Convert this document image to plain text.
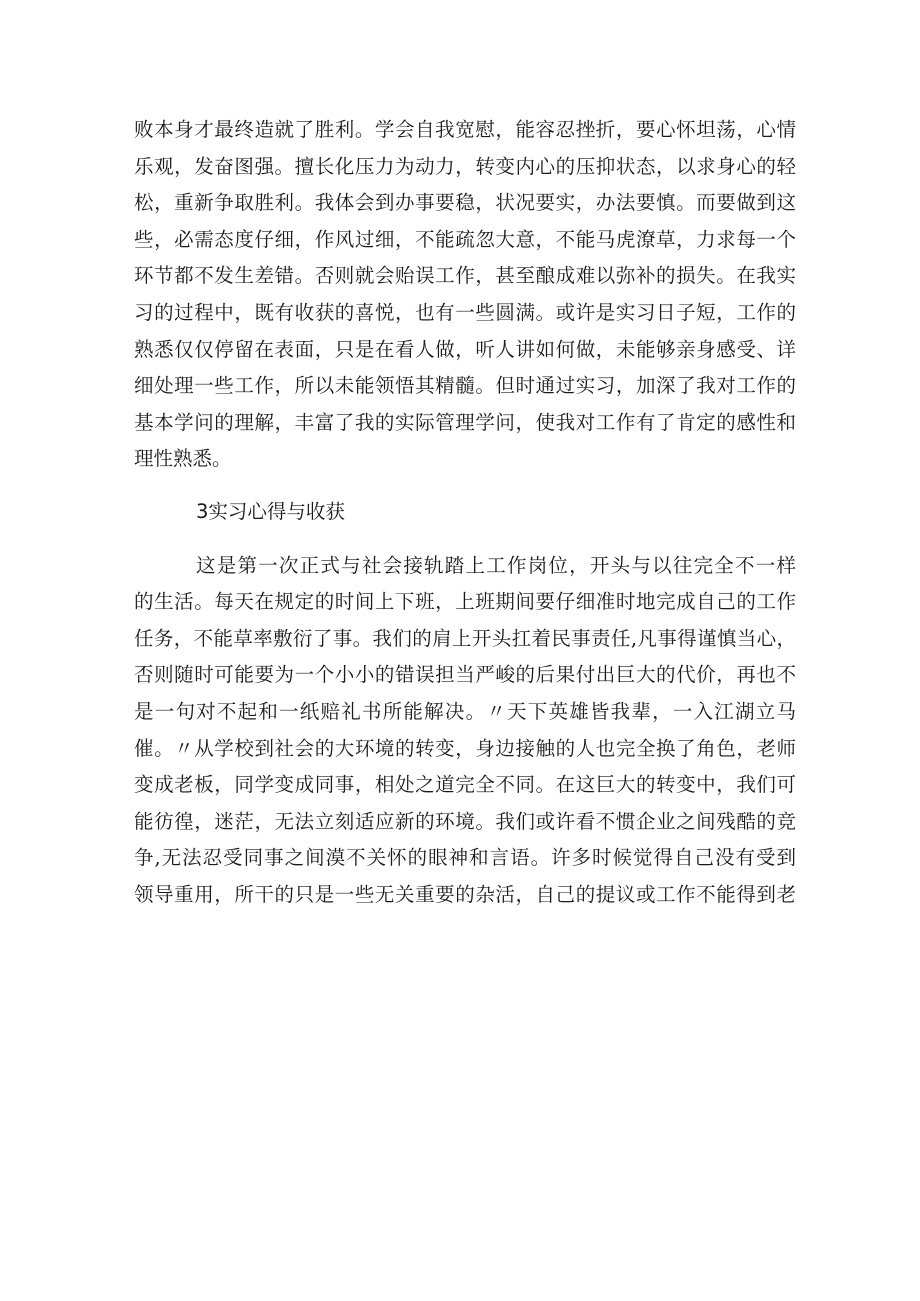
败本身才最终造就了胜利。学会自我宽慰，能容忍挫折，要心怀坦荡，心情
乐观，发奋图强。擅长化压力为动力，转变内心的压抑状态，以求身心的轻
松，重新争取胜利。我体会到办事要稳，状况要实，办法要慎。而要做到这
些，必需态度仔细，作风过细，不能疏忽大意，不能马虎潦草，力求每一个
环节都不发生差错。否则就会贻误工作，甚至酿成难以弥补的损失。在我实
习的过程中，既有收获的喜悦，也有一些圆满。或许是实习日子短，工作的
熟悉仅仅停留在表面，只是在看人做，听人讲如何做，未能够亲身感受、详
细处理一些工作，所以未能领悟其精髓。但时通过实习，加深了我对工作的
基本学问的理解，丰富了我的实际管理学问，使我对工作有了肯定的感性和
理性熟悉。
3实习心得与收获
这是第一次正式与社会接轨踏上工作岗位，开头与以往完全不一样
的生活。每天在规定的时间上下班，上班期间要仔细准时地完成自己的工作
任务，不能草率敷衍了事。我们的肩上开头扛着民事责任,凡事得谨慎当心，
否则随时可能要为一个小小的错误担当严峻的后果付出巨大的代价，再也不
是一句对不起和一纸赔礼书所能解决。〃天下英雄皆我辈，一入江湖立马
催。〃从学校到社会的大环境的转变，身边接触的人也完全换了角色，老师
变成老板，同学变成同事，相处之道完全不同。在这巨大的转变中，我们可
能彷徨，迷茫，无法立刻适应新的环境。我们或许看不惯企业之间残酷的竞
争,无法忍受同事之间漠不关怀的眼神和言语。许多时候觉得自己没有受到
领导重用，所干的只是一些无关重要的杂活，自己的提议或工作不能得到老
